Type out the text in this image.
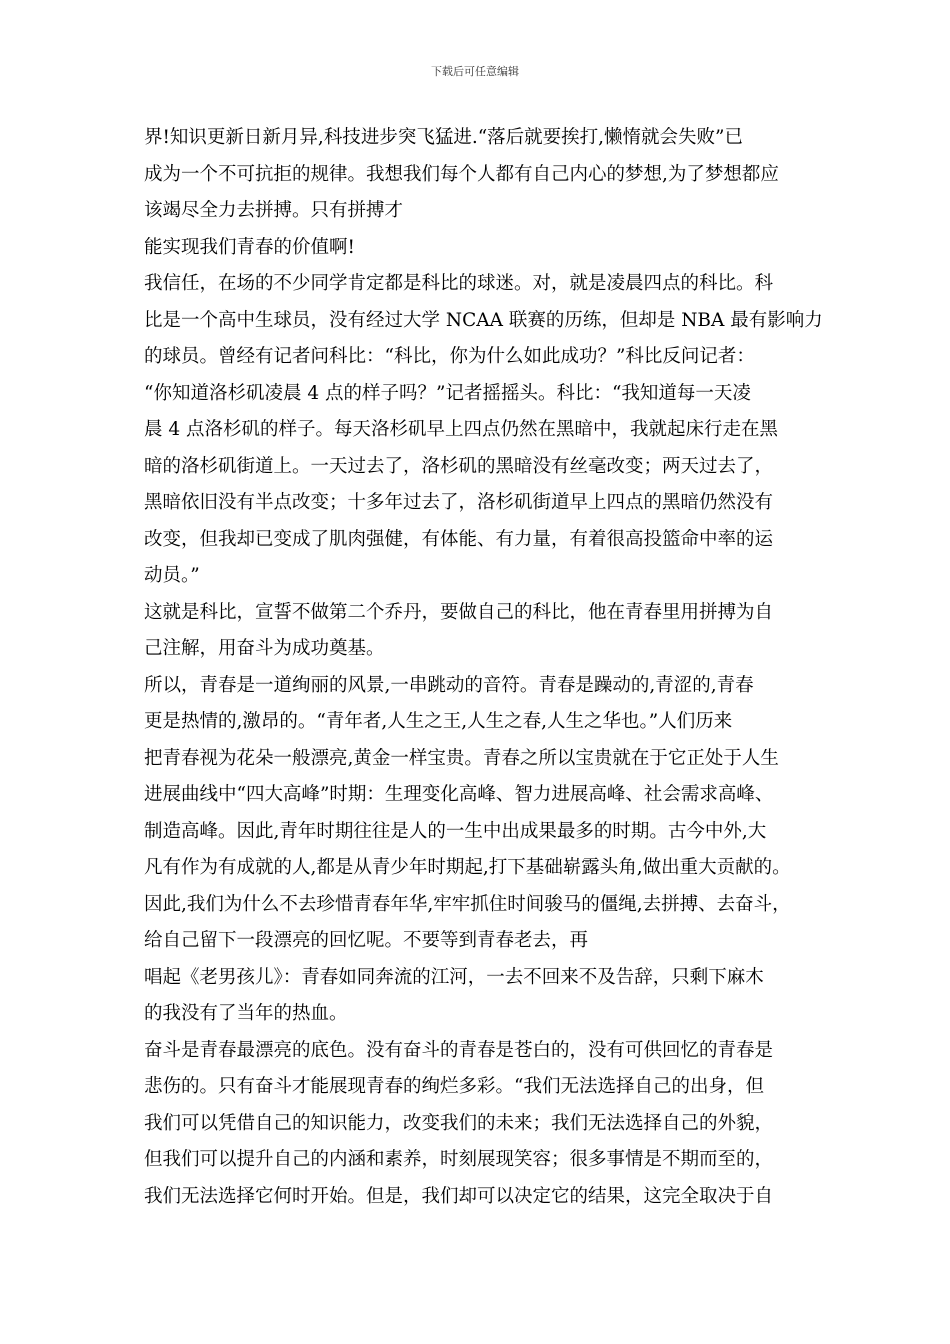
下载后可任意编辑
界!知识更新日新月异,科技进步突飞猛进.“落后就要挨打,懒惰就会失败”已
成为一个不可抗拒的规律。我想我们每个人都有自己内心的梦想,为了梦想都应
该竭尽全力去拼搏。只有拼搏才
能实现我们青春的价值啊!
我信任，在场的不少同学肯定都是科比的球迷。对，就是凌晨四点的科比。科
比是一个高中生球员，没有经过大学 NCAA 联赛的历练，但却是 NBA 最有影响力
的球员。曾经有记者问科比：“科比，你为什么如此成功？”科比反问记者：
“你知道洛杉矶凌晨 4 点的样子吗？”记者摇摇头。科比：“我知道每一天凌
晨 4 点洛杉矶的样子。每天洛杉矶早上四点仍然在黑暗中，我就起床行走在黑
暗的洛杉矶街道上。一天过去了，洛杉矶的黑暗没有丝毫改变；两天过去了，
黑暗依旧没有半点改变；十多年过去了，洛杉矶街道早上四点的黑暗仍然没有
改变，但我却已变成了肌肉强健，有体能、有力量，有着很高投篮命中率的运
动员。”
这就是科比，宣誓不做第二个乔丹，要做自己的科比，他在青春里用拼搏为自
己注解，用奋斗为成功奠基。
所以，青春是一道绚丽的风景,一串跳动的音符。青春是躁动的,青涩的,青春
更是热情的,激昂的。“青年者,人生之王,人生之春,人生之华也。”人们历来
把青春视为花朵一般漂亮,黄金一样宝贵。青春之所以宝贵就在于它正处于人生
进展曲线中“四大高峰”时期：生理变化高峰、智力进展高峰、社会需求高峰、
制造高峰。因此,青年时期往往是人的一生中出成果最多的时期。古今中外,大
凡有作为有成就的人,都是从青少年时期起,打下基础崭露头角,做出重大贡献的。
因此,我们为什么不去珍惜青春年华,牢牢抓住时间骏马的僵绳,去拼搏、去奋斗，
给自己留下一段漂亮的回忆呢。不要等到青春老去，再
唱起《老男孩儿》：青春如同奔流的江河，一去不回来不及告辞，只剩下麻木
的我没有了当年的热血。
奋斗是青春最漂亮的底色。没有奋斗的青春是苍白的，没有可供回忆的青春是
悲伤的。只有奋斗才能展现青春的绚烂多彩。“我们无法选择自己的出身，但
我们可以凭借自己的知识能力，改变我们的未来；我们无法选择自己的外貌，
但我们可以提升自己的内涵和素养，时刻展现笑容；很多事情是不期而至的，
我们无法选择它何时开始。但是，我们却可以决定它的结果，这完全取决于自
